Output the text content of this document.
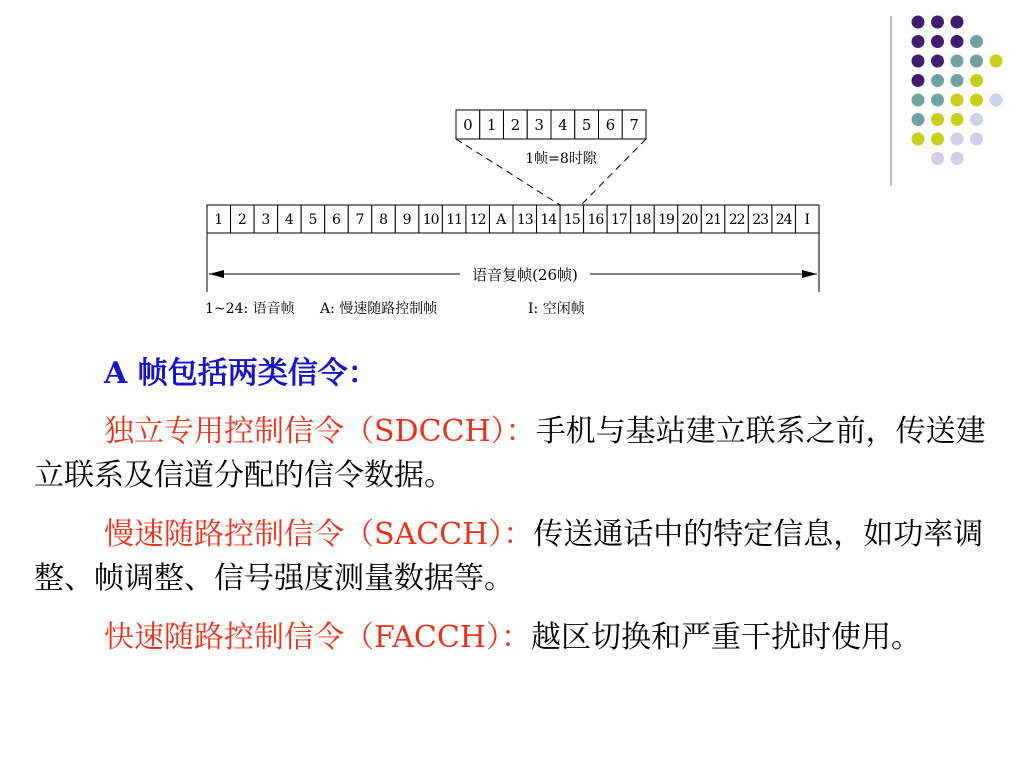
0 1 2 3 4 5 6 7
1帧=8时隙
1 2 3 4 5 6 7 8 9 10 11 12 A 13 14 15 16 17 18 19 20 21 22 23 24 I
语音复帧(26帧)
1~24: 语音帧 A: 慢速随路控制帧	I: 空闲帧

A 帧包括两类信令：

独立专用控制信令（SDCCH）：手机与基站建立联系之前，传送建立联系及信道分配的信令数据。

慢速随路控制信令（SACCH）：传送通话中的特定信息，如功率调整、帧调整、信号强度测量数据等。

快速随路控制信令（FACCH）：越区切换和严重干扰时使用。
